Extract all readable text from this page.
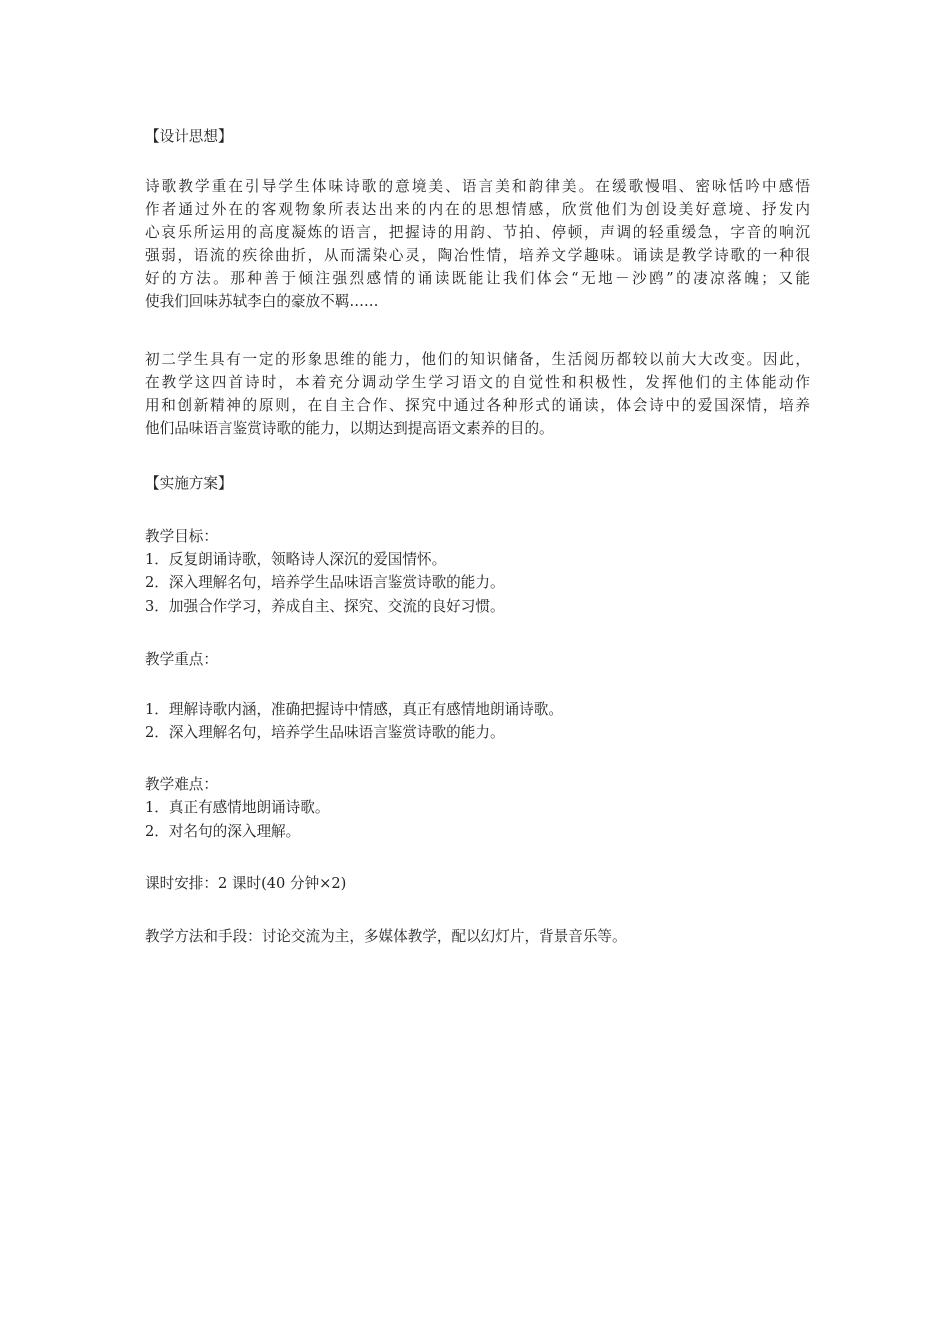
【设计思想】
诗歌教学重在引导学生体味诗歌的意境美、语言美和韵律美。在缓歌慢唱、密咏恬吟中感悟
作者通过外在的客观物象所表达出来的内在的思想情感，欣赏他们为创设美好意境、抒发内
心哀乐所运用的高度凝炼的语言，把握诗的用韵、节拍、停顿，声调的轻重缓急，字音的响沉
强弱，语流的疾徐曲折，从而濡染心灵，陶冶性情，培养文学趣味。诵读是教学诗歌的一种很
好的方法。那种善于倾注强烈感情的诵读既能让我们体会“无地－沙鸥”的凄凉落魄；又能
使我们回味苏轼李白的豪放不羁……
初二学生具有一定的形象思维的能力，他们的知识储备，生活阅历都较以前大大改变。因此，
在教学这四首诗时，本着充分调动学生学习语文的自觉性和积极性，发挥他们的主体能动作
用和创新精神的原则，在自主合作、探究中通过各种形式的诵读，体会诗中的爱国深情，培养
他们品味语言鉴赏诗歌的能力，以期达到提高语文素养的目的。
【实施方案】
教学目标：
1．反复朗诵诗歌，领略诗人深沉的爱国情怀。
2．深入理解名句，培养学生品味语言鉴赏诗歌的能力。
3．加强合作学习，养成自主、探究、交流的良好习惯。
教学重点：
1．理解诗歌内涵，准确把握诗中情感，真正有感情地朗诵诗歌。
2．深入理解名句，培养学生品味语言鉴赏诗歌的能力。
教学难点：
1．真正有感情地朗诵诗歌。
2．对名句的深入理解。
课时安排：2 课时(40 分钟×2)
教学方法和手段：讨论交流为主，多媒体教学，配以幻灯片，背景音乐等。
